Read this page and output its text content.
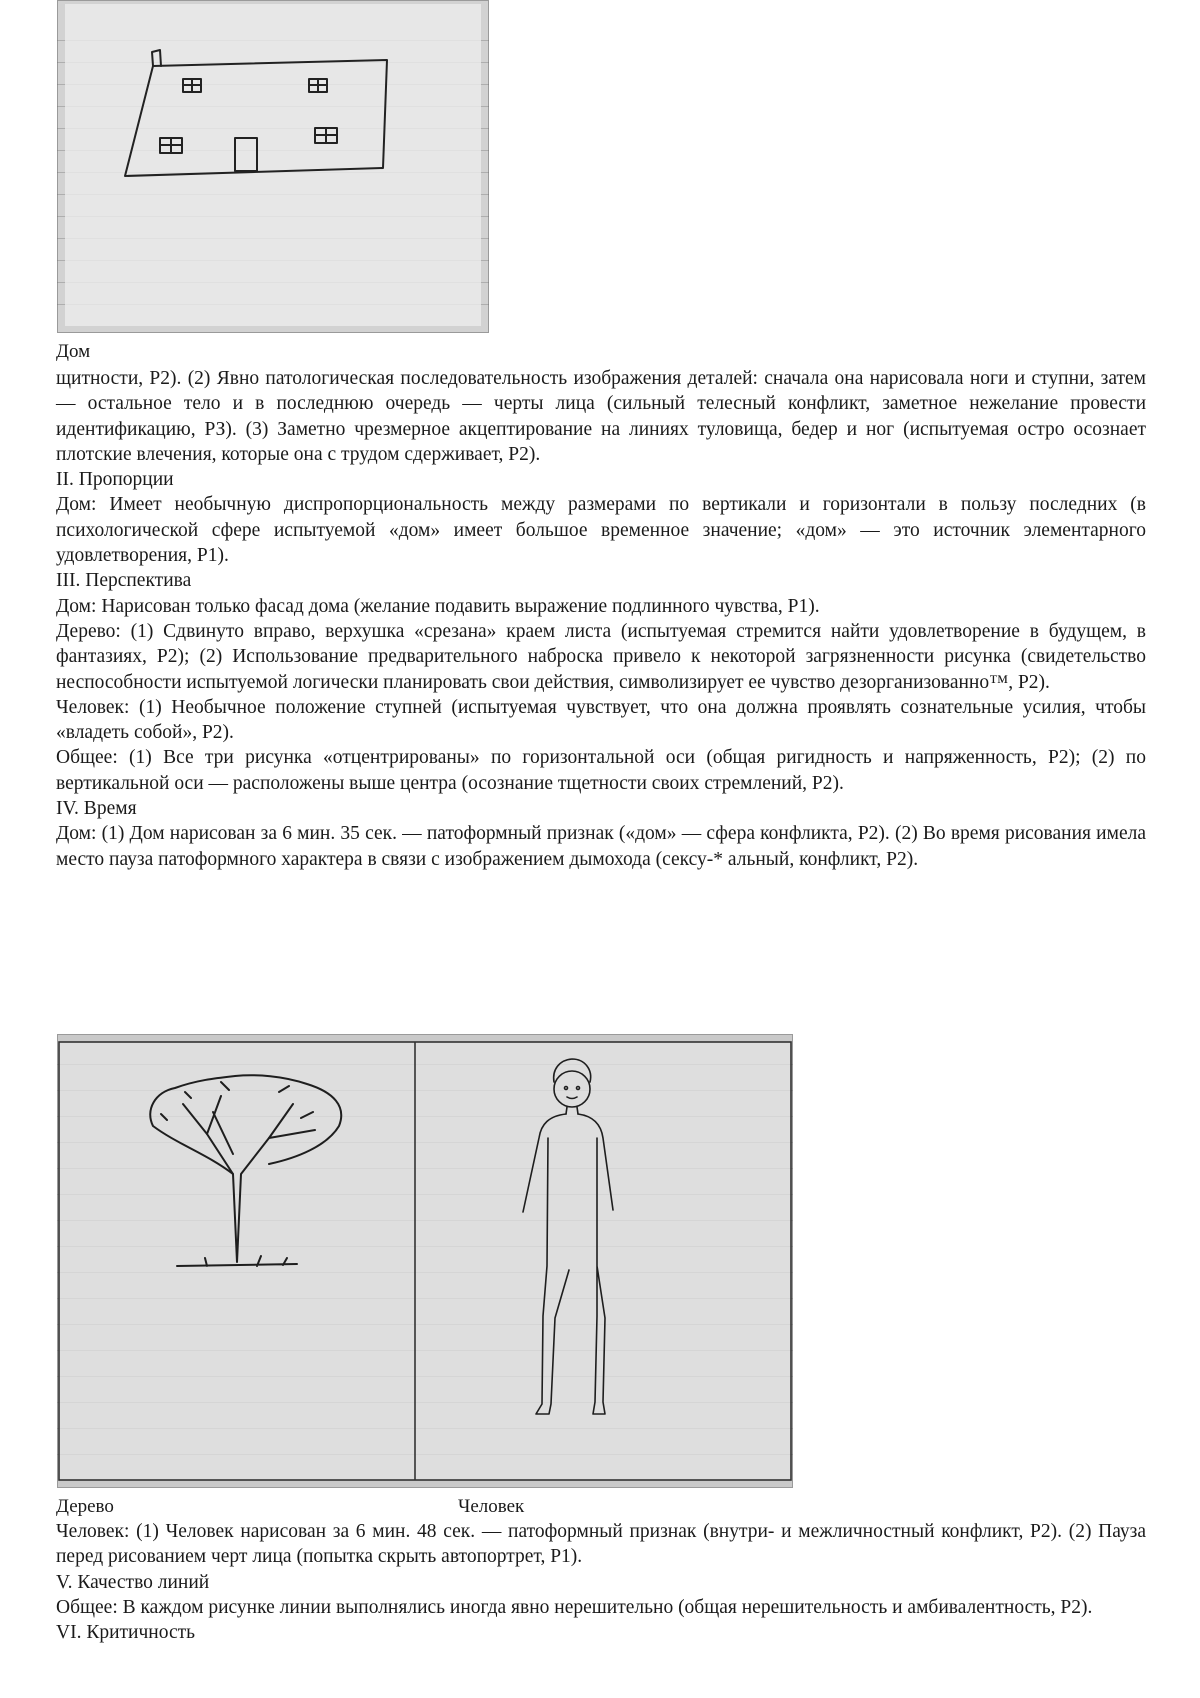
Дом

щитности, Р2). (2) Явно патологическая последовательность изображения деталей: сначала она нарисовала ноги и ступни, затем — остальное тело и в последнюю очередь — черты лица (сильный телесный конфликт, заметное нежелание провести идентификацию, РЗ). (3) Заметно чрезмерное акцептирование на линиях туловища, бедер и ног (испытуемая остро осознает плотские влечения, которые она с трудом сдерживает, Р2).

II. Пропорции

Дом: Имеет необычную диспропорциональность между размерами по вертикали и горизонтали в пользу последних (в психологической сфере испытуемой «дом» имеет большое временное значение; «дом» — это источник элементарного удовлетворения, Р1).

III. Перспектива

Дом: Нарисован только фасад дома (желание подавить выражение подлинного чувства, Р1).

Дерево: (1) Сдвинуто вправо, верхушка «срезана» краем листа (испытуемая стремится найти удовлетворение в будущем, в фантазиях, Р2); (2) Использование предварительного наброска привело к некоторой загрязненности рисунка (свидетельство неспособности испытуемой логически планировать свои действия, символизирует ее чувство дезорганизованно™, Р2).

Человек: (1) Необычное положение ступней (испытуемая чувствует, что она должна проявлять сознательные усилия, чтобы «владеть собой», Р2).

Общее: (1) Все три рисунка «отцентрированы» по горизонтальной оси (общая ригидность и напряженность, Р2); (2) по вертикальной оси — расположены выше центра (осознание тщетности своих стремлений, Р2).

IV. Время

Дом: (1) Дом нарисован за 6 мин. 35 сек. — патоформный признак («дом» — сфера конфликта, Р2). (2) Во время рисования имела место пауза патоформного характера в связи с изображением дымохода (сексу-* альный, конфликт, Р2).

Дерево	Человек

Человек: (1) Человек нарисован за 6 мин. 48 сек. — патоформный признак (внутри- и межличностный конфликт, Р2). (2) Пауза перед рисованием черт лица (попытка скрыть автопортрет, Р1).

V. Качество линий

Общее: В каждом рисунке линии выполнялись иногда явно нерешительно (общая нерешительность и амбивалентность, Р2).

VI. Критичность
